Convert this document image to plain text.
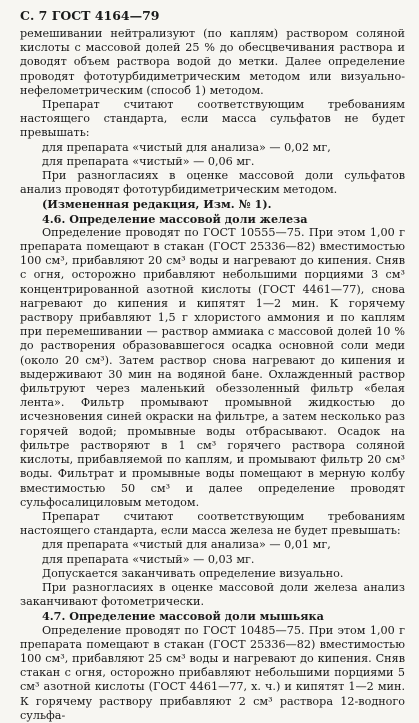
С. 7 ГОСТ 4164—79

ремешивании нейтрализуют (по каплям) раствором соляной кислоты с массовой долей 25 % до обесцвечивания раствора и доводят объем раствора водой до метки. Далее определение проводят фототурбидиметрическим методом или визуально-нефелометрическим (способ 1) методом.

Препарат считают соответствующим требованиям настоящего стандарта, если масса сульфатов не будет превышать:

для препарата «чистый для анализа» — 0,02 мг,

для препарата «чистый» — 0,06 мг.

При разногласиях в оценке массовой доли сульфатов анализ проводят фототурбидиметрическим методом.

(Измененная редакция, Изм. № 1).

4.6. Определение массовой доли железа

Определение проводят по ГОСТ 10555—75. При этом 1,00 г препарата помещают в стакан (ГОСТ 25336—82) вместимостью 100 см³, прибавляют 20 см³ воды и нагревают до кипения. Сняв с огня, осторожно прибавляют небольшими порциями 3 см³ концентрированной азотной кислоты (ГОСТ 4461—77), снова нагревают до кипения и кипятят 1—2 мин. К горячему раствору прибавляют 1,5 г хлористого аммония и по каплям при перемешивании — раствор аммиака с массовой долей 10 % до растворения образовавшегося осадка основной соли меди (около 20 см³). Затем раствор снова нагревают до кипения и выдерживают 30 мин на водяной бане. Охлажденный раствор фильтруют через маленький обеззоленный фильтр «белая лента». Фильтр промывают промывной жидкостью до исчезновения синей окраски на фильтре, а затем несколько раз горячей водой; промывные воды отбрасывают. Осадок на фильтре растворяют в 1 см³ горячего раствора соляной кислоты, прибавляемой по каплям, и промывают фильтр 20 см³ воды. Фильтрат и промывные воды помещают в мерную колбу вместимостью 50 см³ и далее определение проводят сульфосалициловым методом.

Препарат считают соответствующим требованиям настоящего стандарта, если масса железа не будет превышать:

для препарата «чистый для анализа» — 0,01 мг,

для препарата «чистый» — 0,03 мг.

Допускается заканчивать определение визуально.

При разногласиях в оценке массовой доли железа анализ заканчивают фотометрически.

4.7. Определение массовой доли мышьяка

Определение проводят по ГОСТ 10485—75. При этом 1,00 г препарата помещают в стакан (ГОСТ 25336—82) вместимостью 100 см³, прибавляют 25 см³ воды и нагревают до кипения. Сняв стакан с огня, осторожно прибавляют небольшими порциями 5 см³ азотной кислоты (ГОСТ 4461—77, х. ч.) и кипятят 1—2 мин. К горячему раствору прибавляют 2 см³ раствора 12-водного сульфа-
